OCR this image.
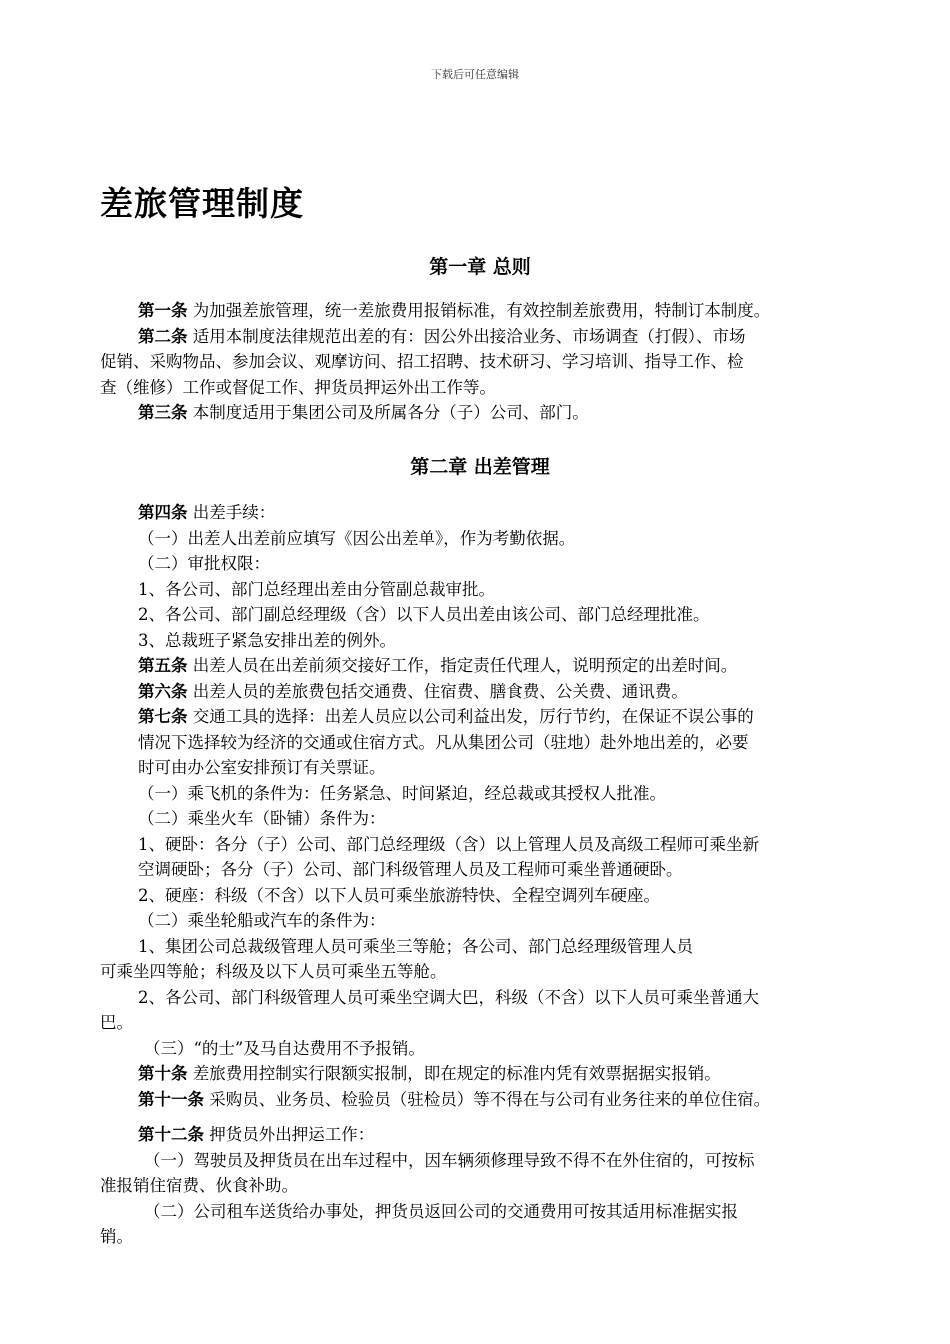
下载后可任意编辑
差旅管理制度
第一章 总则
第一条 为加强差旅管理，统一差旅费用报销标准，有效控制差旅费用，特制订本制度。
第二条 适用本制度法律规范出差的有：因公外出接洽业务、市场调查（打假）、市场
促销、采购物品、参加会议、观摩访问、招工招聘、技术研习、学习培训、指导工作、检
查（维修）工作或督促工作、押货员押运外出工作等。
第三条 本制度适用于集团公司及所属各分（子）公司、部门。
第二章 出差管理
第四条 出差手续：
（一）出差人出差前应填写《因公出差单》，作为考勤依据。
（二）审批权限：
1、各公司、部门总经理出差由分管副总裁审批。
2、各公司、部门副总经理级（含）以下人员出差由该公司、部门总经理批准。
3、总裁班子紧急安排出差的例外。
第五条 出差人员在出差前须交接好工作，指定责任代理人，说明预定的出差时间。
第六条 出差人员的差旅费包括交通费、住宿费、膳食费、公关费、通讯费。
第七条 交通工具的选择：出差人员应以公司利益出发，厉行节约，在保证不误公事的
情况下选择较为经济的交通或住宿方式。凡从集团公司（驻地）赴外地出差的，必要
时可由办公室安排预订有关票证。
（一）乘飞机的条件为：任务紧急、时间紧迫，经总裁或其授权人批准。
（二）乘坐火车（卧铺）条件为：
1、硬卧：各分（子）公司、部门总经理级（含）以上管理人员及高级工程师可乘坐新
空调硬卧；各分（子）公司、部门科级管理人员及工程师可乘坐普通硬卧。
2、硬座：科级（不含）以下人员可乘坐旅游特快、全程空调列车硬座。
（二）乘坐轮船或汽车的条件为：
1、集团公司总裁级管理人员可乘坐三等舱；各公司、部门总经理级管理人员
可乘坐四等舱；科级及以下人员可乘坐五等舱。
2、各公司、部门科级管理人员可乘坐空调大巴，科级（不含）以下人员可乘坐普通大
巴。
（三）“的士”及马自达费用不予报销。
第十条 差旅费用控制实行限额实报制，即在规定的标准内凭有效票据据实报销。
第十一条 采购员、业务员、检验员（驻检员）等不得在与公司有业务往来的单位住宿。
第十二条 押货员外出押运工作：
（一）驾驶员及押货员在出车过程中，因车辆须修理导致不得不在外住宿的，可按标
准报销住宿费、伙食补助。
（二）公司租车送货给办事处，押货员返回公司的交通费用可按其适用标准据实报
销。
